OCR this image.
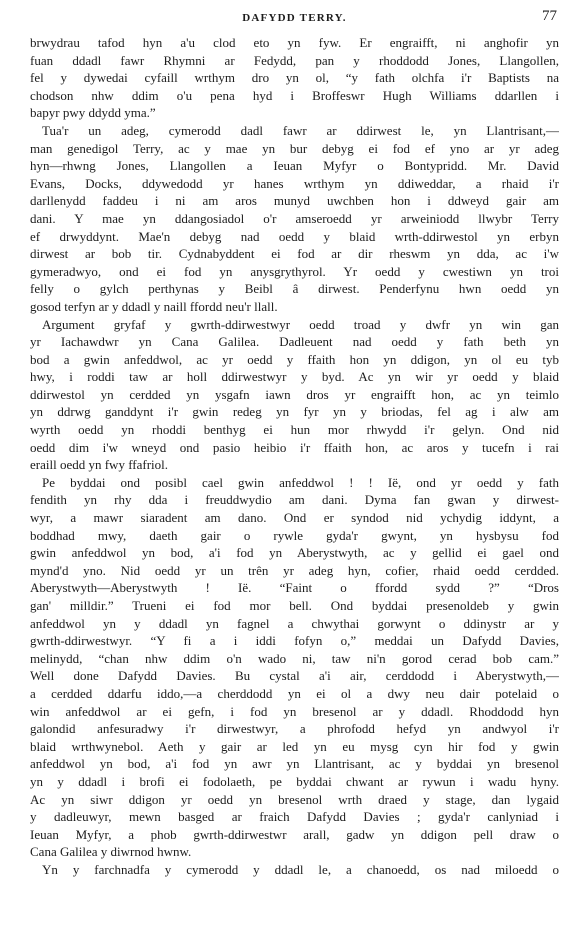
DAFYDD TERRY.	77
brwydrau tafod hyn a'u clod eto yn fyw. Er engraifft, ni anghofir yn
fuan ddadl fawr Rhymni ar Fedydd, pan y rhoddodd Jones, Llangollen,
fel y dywedai cyfaill wrthym dro yn ol, “y fath olchfa i'r Baptists na
chodson nhw ddim o'u pena hyd i Broffeswr Hugh Williams ddarllen i
bapyr pwy ddydd yma.”
Tua'r un adeg, cymerodd dadl fawr ar ddirwest le, yn Llantrisant,—
man genedigol Terry, ac y mae yn bur debyg ei fod ef yno ar yr adeg
hyn—rhwng Jones, Llangollen a Ieuan Myfyr o Bontypridd. Mr. David
Evans, Docks, ddywedodd yr hanes wrthym yn ddiweddar, a rhaid i'r
darllenydd faddeu i ni am aros munyd uwchben hon i ddweyd gair am
dani. Y mae yn ddangosiadol o'r amseroedd yr arweiniodd llwybr Terry
ef drwyddynt. Mae'n debyg nad oedd y blaid wrth-ddirwestol yn erbyn
dirwest ar bob tir. Cydnabyddent ei fod ar dir rheswm yn dda, ac i'w
gymeradwyo, ond ei fod yn anysgrythyrol. Yr oedd y cwestiwn yn troi
felly o gylch perthynas y Beibl â dirwest. Penderfynu hwn oedd yn
gosod terfyn ar y ddadl y naill ffordd neu'r llall.
Argument gryfaf y gwrth-ddirwestwyr oedd troad y dwfr yn win gan
yr Iachawdwr yn Cana Galilea. Dadleuent nad oedd y fath beth yn
bod a gwin anfeddwol, ac yr oedd y ffaith hon yn ddigon, yn ol eu tyb
hwy, i roddi taw ar holl ddirwestwyr y byd. Ac yn wir yr oedd y blaid
ddirwestol yn cerdded yn ysgafn iawn dros yr engraifft hon, ac yn teimlo
yn ddrwg ganddynt i'r gwin redeg yn fyr yn y briodas, fel ag i alw am
wyrth oedd yn rhoddi benthyg ei hun mor rhwydd i'r gelyn. Ond nid
oedd dim i'w wneyd ond pasio heibio i'r ffaith hon, ac aros y tucefn i rai
eraill oedd yn fwy ffafriol.
Pe byddai ond posibl cael gwin anfeddwol ! ! Ië, ond yr oedd y fath
fendith yn rhy dda i freuddwydio am dani. Dyma fan gwan y dirwest-
wyr, a mawr siaradent am dano. Ond er syndod nid ychydig iddynt, a
boddhad mwy, daeth gair o rywle gyda'r gwynt, yn hysbysu fod
gwin anfeddwol yn bod, a'i fod yn Aberystwyth, ac y gellid ei gael ond
mynd'd yno. Nid oedd yr un trên yr adeg hyn, cofier, rhaid oedd cerdded.
Aberystwyth—Aberystwyth ! Ië. “Faint o ffordd sydd ?” “Dros
gan' milldir.” Trueni ei fod mor bell. Ond byddai presenoldeb y gwin
anfeddwol yn y ddadl yn fagnel a chwythai gorwynt o ddinystr ar y
gwrth-ddirwestwyr. “Y fi a i iddi fofyn o,” meddai un Dafydd Davies,
melinydd, “chan nhw ddim o'n wado ni, taw ni'n gorod cerad bob cam.”
Well done Dafydd Davies. Bu cystal a'i air, cerddodd i Aberystwyth,—
a cerdded ddarfu iddo,—a cherddodd yn ei ol a dwy neu dair potelaid o
win anfeddwol ar ei gefn, i fod yn bresenol ar y ddadl. Rhoddodd hyn
galondid anfesuradwy i'r dirwestwyr, a phrofodd hefyd yn andwyol i'r
blaid wrthwynebol. Aeth y gair ar led yn eu mysg cyn hir fod y gwin
anfeddwol yn bod, a'i fod yn awr yn Llantrisant, ac y byddai yn bresenol
yn y ddadl i brofi ei fodolaeth, pe byddai chwant ar rywun i wadu hyny.
Ac yn siwr ddigon yr oedd yn bresenol wrth draed y stage, dan lygaid
y dadleuwyr, mewn basged ar fraich Dafydd Davies ; gyda'r canlyniad i
Ieuan Myfyr, a phob gwrth-ddirwestwr arall, gadw yn ddigon pell draw o
Cana Galilea y diwrnod hwnw.
Yn y farchnadfa y cymerodd y ddadl le, a chanoedd, os nad miloedd o
